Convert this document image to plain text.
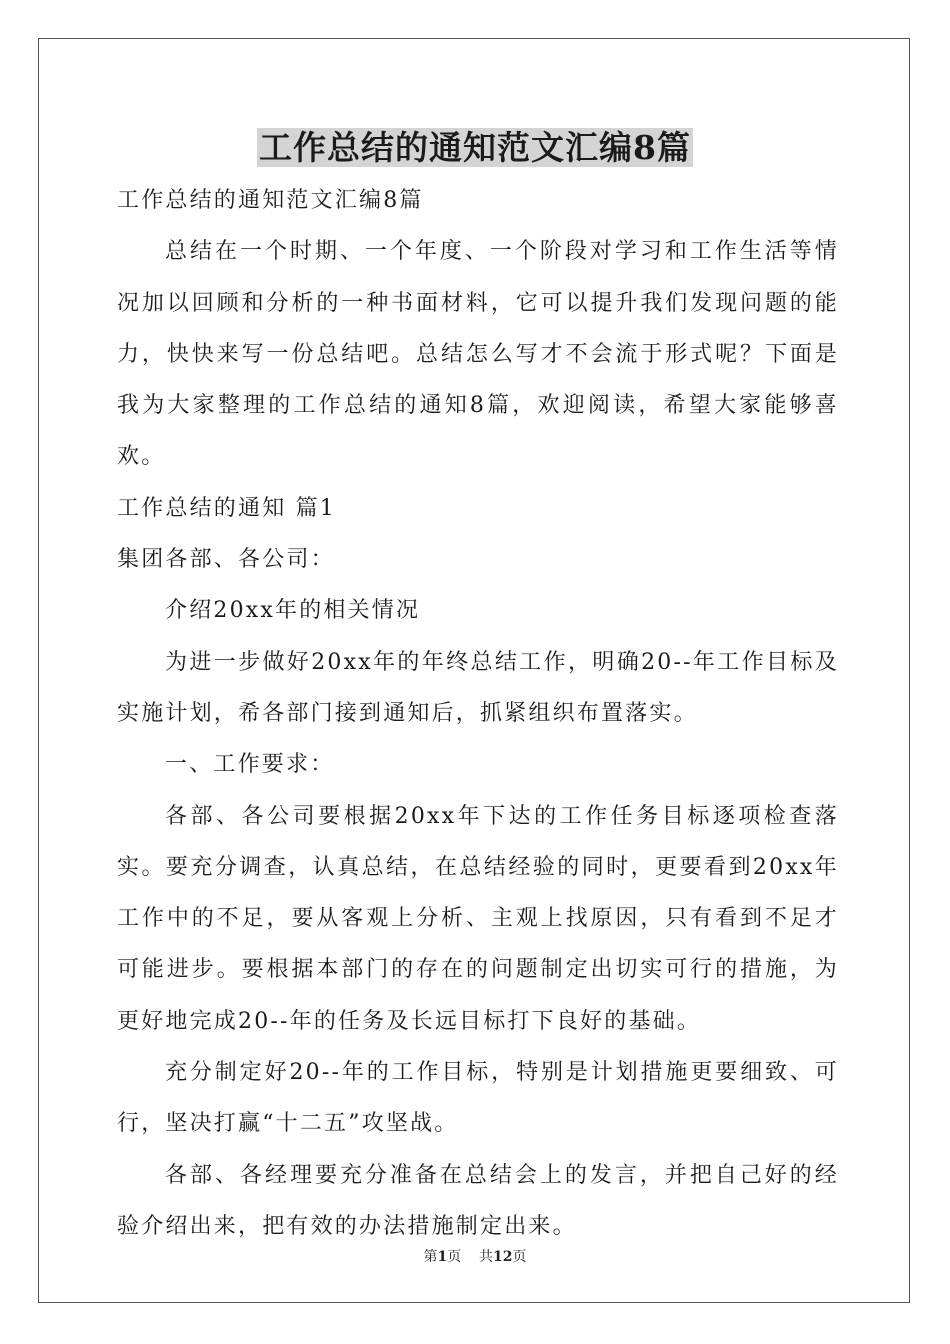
工作总结的通知范文汇编8篇

工作总结的通知范文汇编8篇

总结在一个时期、一个年度、一个阶段对学习和工作生活等情况加以回顾和分析的一种书面材料，它可以提升我们发现问题的能力，快快来写一份总结吧。总结怎么写才不会流于形式呢？下面是我为大家整理的工作总结的通知8篇，欢迎阅读，希望大家能够喜欢。

工作总结的通知 篇1

集团各部、各公司：

介绍20xx年的相关情况

为进一步做好20xx年的年终总结工作，明确20--年工作目标及实施计划，希各部门接到通知后，抓紧组织布置落实。

一、工作要求：

各部、各公司要根据20xx年下达的工作任务目标逐项检查落实。要充分调查，认真总结，在总结经验的同时，更要看到20xx年工作中的不足，要从客观上分析、主观上找原因，只有看到不足才可能进步。要根据本部门的存在的问题制定出切实可行的措施，为更好地完成20--年的任务及长远目标打下良好的基础。

充分制定好20--年的工作目标，特别是计划措施更要细致、可行，坚决打赢“十二五”攻坚战。

各部、各经理要充分准备在总结会上的发言，并把自己好的经验介绍出来，把有效的办法措施制定出来。

第1页 共12页
